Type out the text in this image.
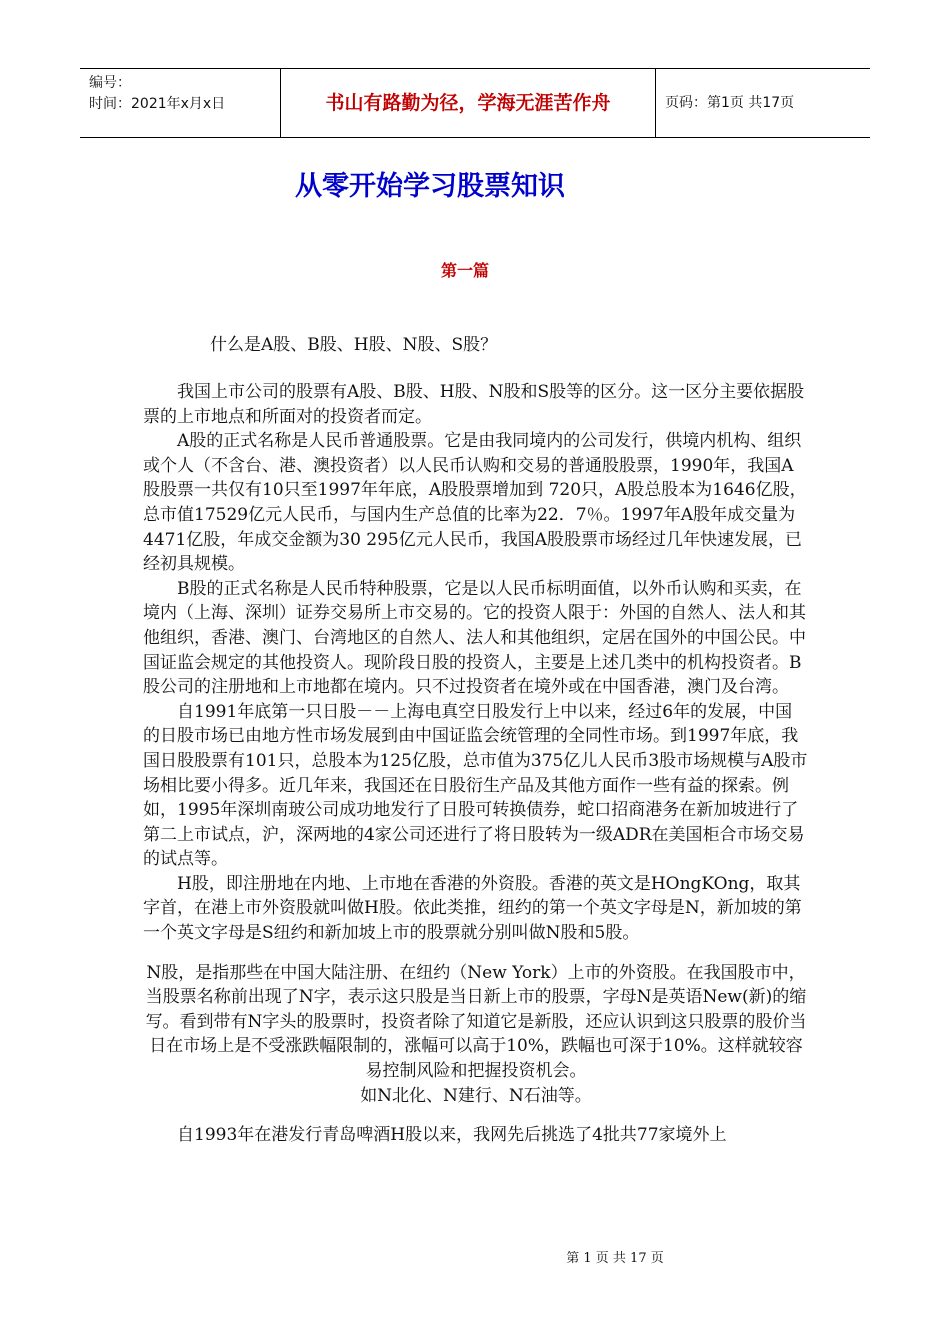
编号：
时间：2021年x月x日	书山有路勤为径，学海无涯苦作舟	页码：第1页 共17页
从零开始学习股票知识
第一篇
什么是A股、B股、H股、N股、S股？

我国上市公司的股票有A股、B股、H股、N股和S股等的区分。这一区分主要依据股票的上市地点和所面对的投资者而定。

A股的正式名称是人民币普通股票。它是由我同境内的公司发行，供境内机构、组织或个人（不含台、港、澳投资者）以人民币认购和交易的普通股股票，1990年，我国A股股票一共仅有10只至1997年年底，A股股票增加到 720只，A股总股本为1646亿股，总市值17529亿元人民币，与国内生产总值的比率为22．7％。1997年A股年成交量为4471亿股，年成交金额为30 295亿元人民币，我国A股股票市场经过几年快速发展，已经初具规模。

B股的正式名称是人民币特种股票，它是以人民币标明面值，以外币认购和买卖，在境内（上海、深圳）证券交易所上市交易的。它的投资人限于：外国的自然人、法人和其他组织，香港、澳门、台湾地区的自然人、法人和其他组织，定居在国外的中国公民。中国证监会规定的其他投资人。现阶段日股的投资人，主要是上述几类中的机构投资者。B股公司的注册地和上市地都在境内。只不过投资者在境外或在中国香港，澳门及台湾。

自1991年底第一只日股－－上海电真空日股发行上中以来，经过6年的发展，中国的日股市场已由地方性市场发展到由中国证监会统管理的全同性市场。到1997年底，我国日股股票有101只，总股本为125亿股，总市值为375亿儿人民币3股市场规模与A股市场相比要小得多。近几年来，我国还在日股衍生产品及其他方面作一些有益的探索。例如，1995年深圳南玻公司成功地发行了日股可转换债券，蛇口招商港务在新加坡进行了第二上市试点，沪，深两地的4家公司还进行了将日股转为一级ADR在美国柜合市场交易的试点等。

H股，即注册地在内地、上市地在香港的外资股。香港的英文是HOngKOng，取其字首，在港上市外资股就叫做H股。依此类推，纽约的第一个英文字母是N，新加坡的第一个英文字母是S纽约和新加坡上市的股票就分别叫做N股和5股。

N股，是指那些在中国大陆注册、在纽约（New York）上市的外资股。在我国股市中，当股票名称前出现了N字，表示这只股是当日新上市的股票，字母N是英语New(新)的缩写。看到带有N字头的股票时，投资者除了知道它是新股，还应认识到这只股票的股价当日在市场上是不受涨跌幅限制的，涨幅可以高于10%，跌幅也可深于10%。这样就较容易控制风险和把握投资机会。

如N北化、N建行、N石油等。

自1993年在港发行青岛啤酒H股以来，我网先后挑选了4批共77家境外上

第 1 页 共 17 页
